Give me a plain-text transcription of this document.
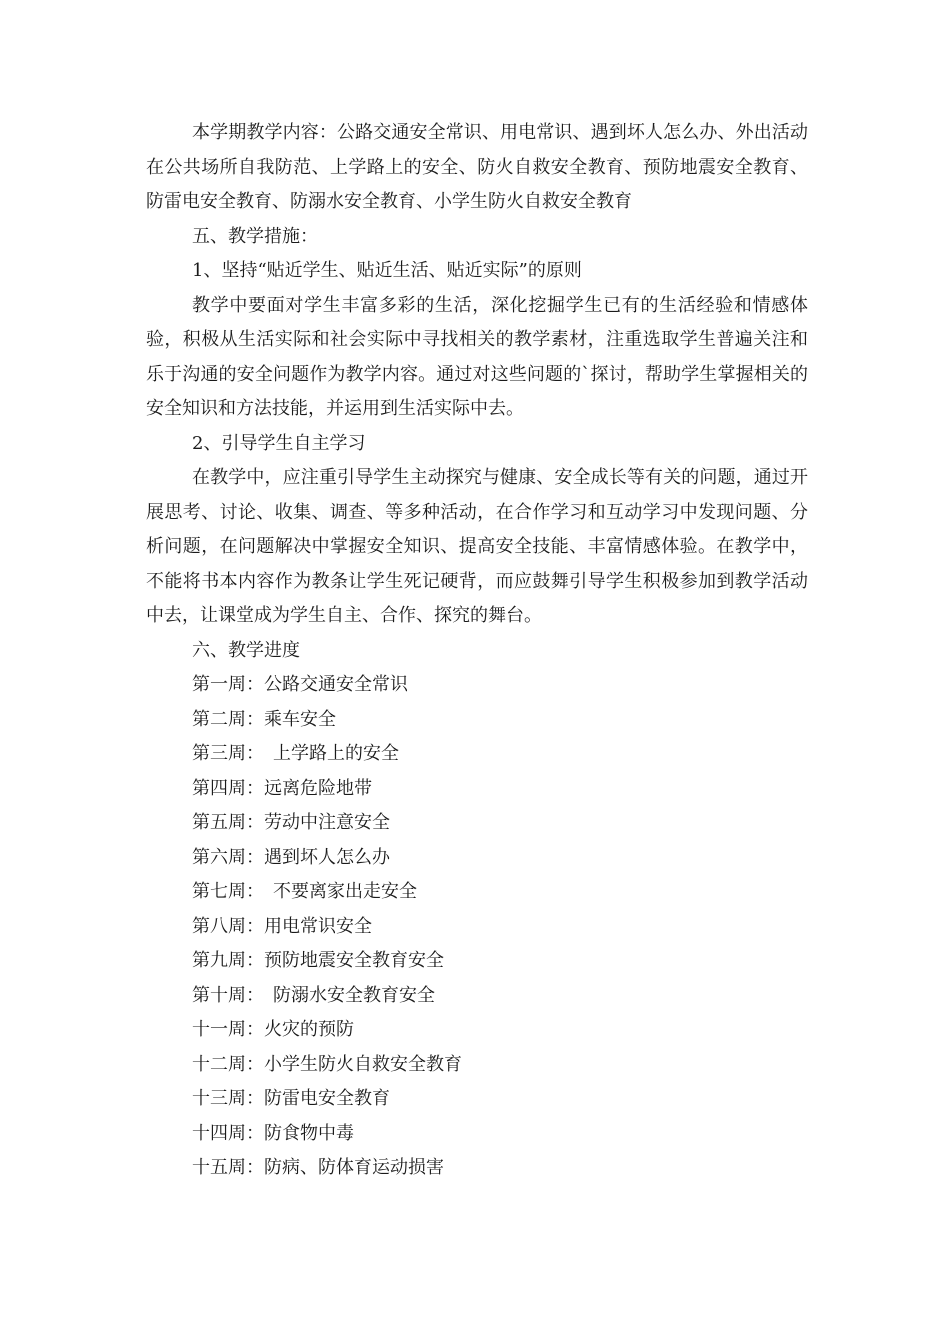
本学期教学内容：公路交通安全常识、用电常识、遇到坏人怎么办、外出活动在公共场所自我防范、上学路上的安全、防火自救安全教育、预防地震安全教育、防雷电安全教育、防溺水安全教育、小学生防火自救安全教育

五、教学措施：

1、坚持“贴近学生、贴近生活、贴近实际”的原则

教学中要面对学生丰富多彩的生活，深化挖掘学生已有的生活经验和情感体验，积极从生活实际和社会实际中寻找相关的教学素材，注重选取学生普遍关注和乐于沟通的安全问题作为教学内容。通过对这些问题的`探讨，帮助学生掌握相关的安全知识和方法技能，并运用到生活实际中去。

2、引导学生自主学习

在教学中，应注重引导学生主动探究与健康、安全成长等有关的问题，通过开展思考、讨论、收集、调查、等多种活动，在合作学习和互动学习中发现问题、分析问题，在问题解决中掌握安全知识、提高安全技能、丰富情感体验。在教学中，不能将书本内容作为教条让学生死记硬背，而应鼓舞引导学生积极参加到教学活动中去，让课堂成为学生自主、合作、探究的舞台。

六、教学进度

第一周：公路交通安全常识

第二周：乘车安全

第三周：　上学路上的安全

第四周：远离危险地带

第五周：劳动中注意安全

第六周：遇到坏人怎么办

第七周：　不要离家出走安全

第八周：用电常识安全

第九周：预防地震安全教育安全

第十周：　防溺水安全教育安全

十一周：火灾的预防

十二周：小学生防火自救安全教育

十三周：防雷电安全教育

十四周：防食物中毒

十五周：防病、防体育运动损害
